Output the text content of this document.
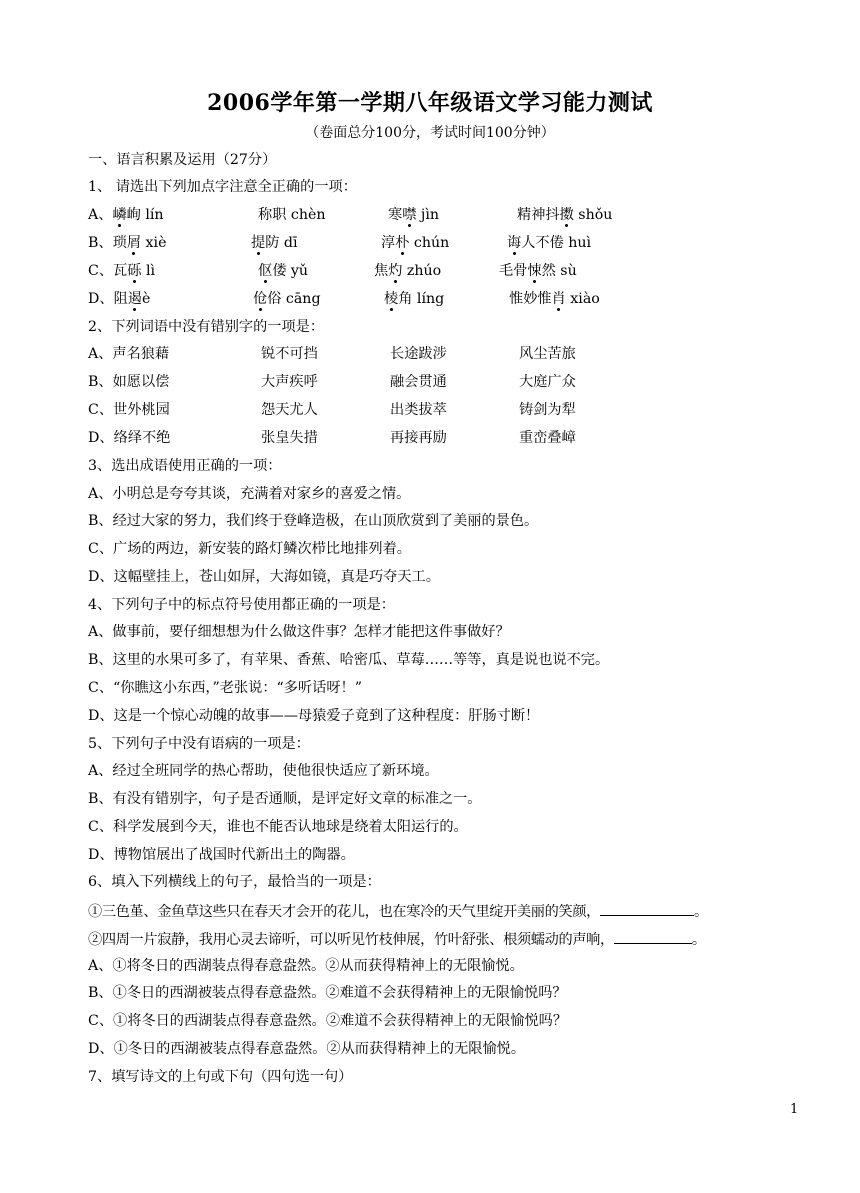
2006学年第一学期八年级语文学习能力测试
（卷面总分100分，考试时间100分钟）
一、语言积累及运用（27分）
1、 请选出下列加点字注意全正确的一项：
A、嶙峋 lín	称职 chèn	寒噤 jìn	精神抖擞 shǒu
B、琐屑 xiè	提防 dī	淳朴 chún	诲人不倦 huì
C、瓦砾 lì	伛偻 yǔ	焦灼 zhúo	毛骨悚然 sù
D、阻遏è	伧俗 cāng	棱角 líng	惟妙惟肖 xiào
2、下列词语中没有错别字的一项是：
A、声名狼藉	锐不可挡	长途跋涉	风尘苦旅
B、如愿以偿	大声疾呼	融会贯通	大庭广众
C、世外桃园	怨天尤人	出类拔萃	铸剑为犁
D、络绎不绝	张皇失措	再接再励	重峦叠嶂
3、选出成语使用正确的一项：
A、小明总是夸夸其谈，充满着对家乡的喜爱之情。
B、经过大家的努力，我们终于登峰造极，在山顶欣赏到了美丽的景色。
C、广场的两边，新安装的路灯鳞次栉比地排列着。
D、这幅壁挂上，苍山如屏，大海如镜，真是巧夺天工。
4、下列句子中的标点符号使用都正确的一项是：
A、做事前，要仔细想想为什么做这件事？怎样才能把这件事做好？
B、这里的水果可多了，有苹果、香蕉、哈密瓜、草莓……等等，真是说也说不完。
C、“你瞧这小东西，”老张说：“多听话呀！”
D、这是一个惊心动魄的故事——母猿爱子竟到了这种程度：肝肠寸断！
5、下列句子中没有语病的一项是：
A、经过全班同学的热心帮助，使他很快适应了新环境。
B、有没有错别字，句子是否通顺，是评定好文章的标准之一。
C、科学发展到今天，谁也不能否认地球是绕着太阳运行的。
D、博物馆展出了战国时代新出土的陶器。
6、填入下列横线上的句子，最恰当的一项是：
①三色堇、金鱼草这些只在春天才会开的花儿，也在寒冷的天气里绽开美丽的笑颜，	。
②四周一片寂静，我用心灵去谛听，可以听见竹枝伸展，竹叶舒张、根须蠕动的声响，	。
A、①将冬日的西湖装点得春意盎然。②从而获得精神上的无限愉悦。
B、①冬日的西湖被装点得春意盎然。②难道不会获得精神上的无限愉悦吗？
C、①将冬日的西湖装点得春意盎然。②难道不会获得精神上的无限愉悦吗？
D、①冬日的西湖被装点得春意盎然。②从而获得精神上的无限愉悦。
7、填写诗文的上句或下句（四句选一句）
1
